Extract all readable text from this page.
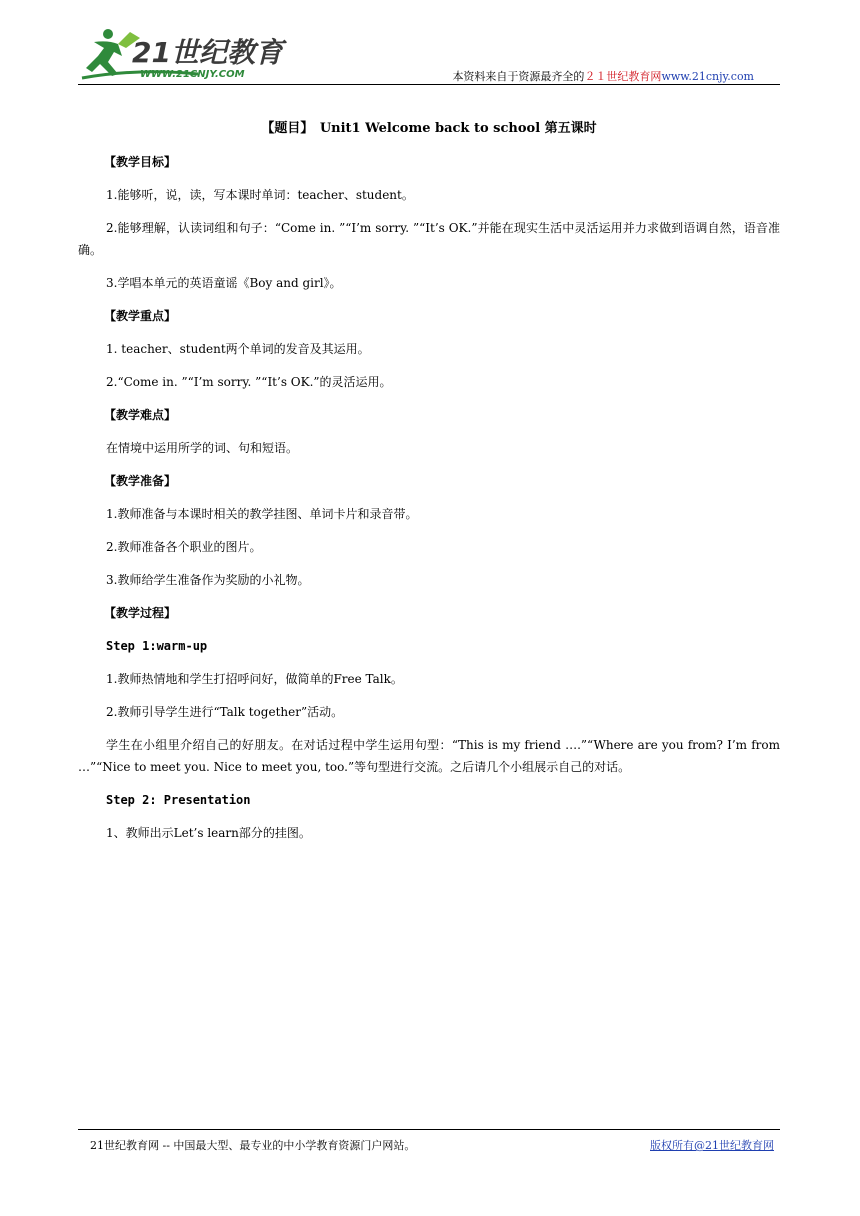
21世纪教育
WWW.21CNJY.COM	本资料来自于资源最齐全的２１世纪教育网www.21cnjy.com
【题目】　Unit1 Welcome back to school 第五课时
【教学目标】
1.能够听，说，读，写本课时单词：teacher、student。
2.能够理解，认读词组和句子：“Come in. ”“I’m sorry. ”“It’s OK.”并能在现实生活中灵活运用并力求做到语调自然，语音准确。
3.学唱本单元的英语童谣《Boy and girl》。
【教学重点】
1. teacher、student两个单词的发音及其运用。
2.“Come in. ”“I’m sorry. ”“It’s OK.”的灵活运用。
【教学难点】
在情境中运用所学的词、句和短语。
【教学准备】
1.教师准备与本课时相关的教学挂图、单词卡片和录音带。
2.教师准备各个职业的图片。
3.教师给学生准备作为奖励的小礼物。
【教学过程】
Step 1:warm-up
1.教师热情地和学生打招呼问好，做简单的Free Talk。
2.教师引导学生进行“Talk together”活动。
学生在小组里介绍自己的好朋友。在对话过程中学生运用句型：“This is my friend ….”“Where are you from? I’m from …”“Nice to meet you. Nice to meet you, too.”等句型进行交流。之后请几个小组展示自己的对话。
Step 2: Presentation
1、教师出示Let’s learn部分的挂图。
21世纪教育网 -- 中国最大型、最专业的中小学教育资源门户网站。	版权所有@21世纪教育网
